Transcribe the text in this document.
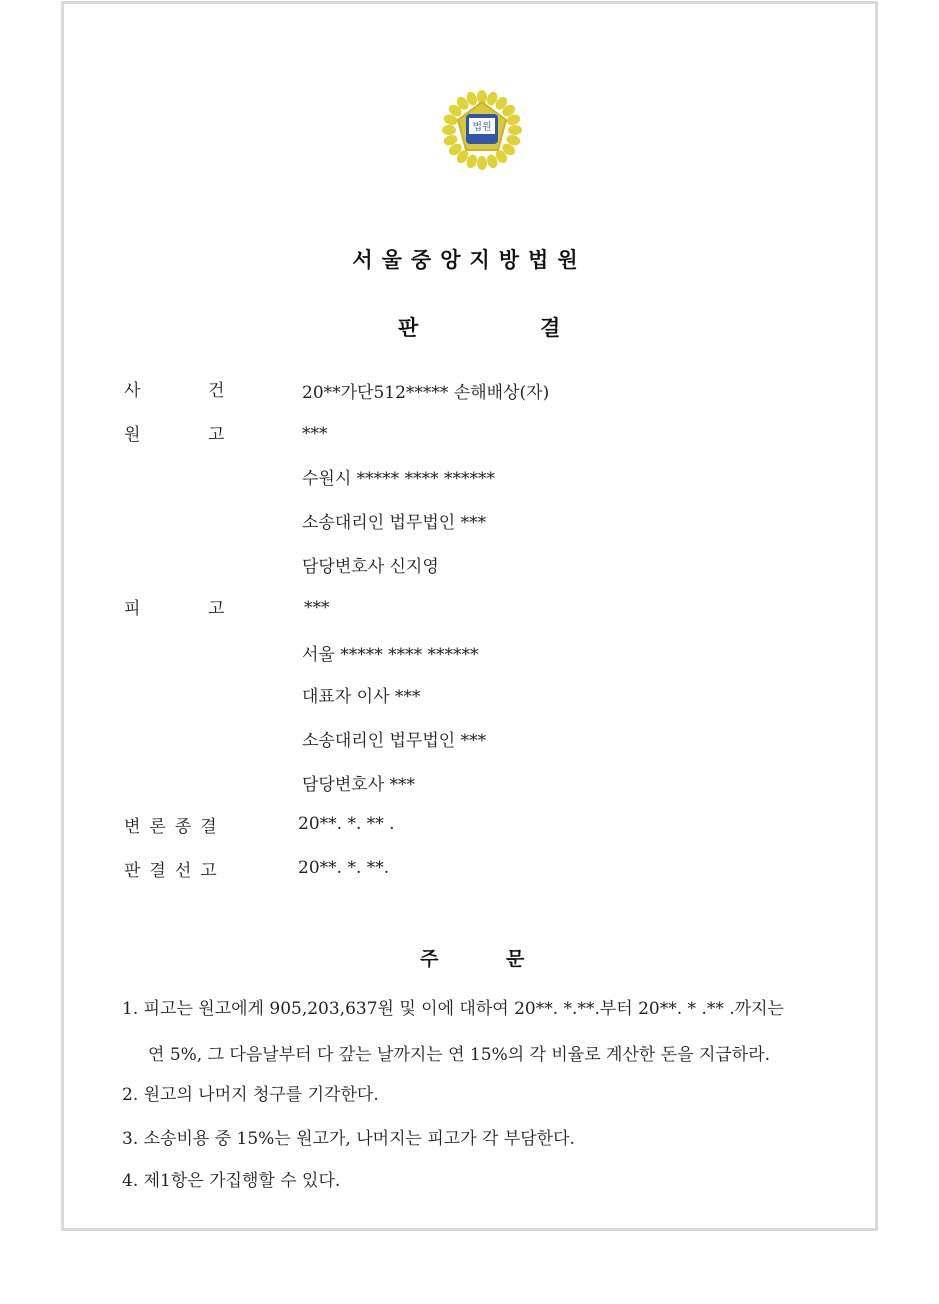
법원
서울중앙지방법원
판	결
사	건	20**가단512***** 손해배상(자)
원	고	***
수원시 ***** **** ******
소송대리인 법무법인 ***
담당변호사 신지영
피	고	***
서울 ***** **** ******
대표자 이사 ***
소송대리인 법무법인 ***
담당변호사 ***
변론종결	20**. *. ** .
판결선고	20**. *. **.
주	문
1. 피고는 원고에게 905,203,637원 및 이에 대하여 20**. *.**.부터 20**. * .** .까지는
연 5%, 그 다음날부터 다 갚는 날까지는 연 15%의 각 비율로 계산한 돈을 지급하라.
2. 원고의 나머지 청구를 기각한다.
3. 소송비용 중 15%는 원고가, 나머지는 피고가 각 부담한다.
4. 제1항은 가집행할 수 있다.
